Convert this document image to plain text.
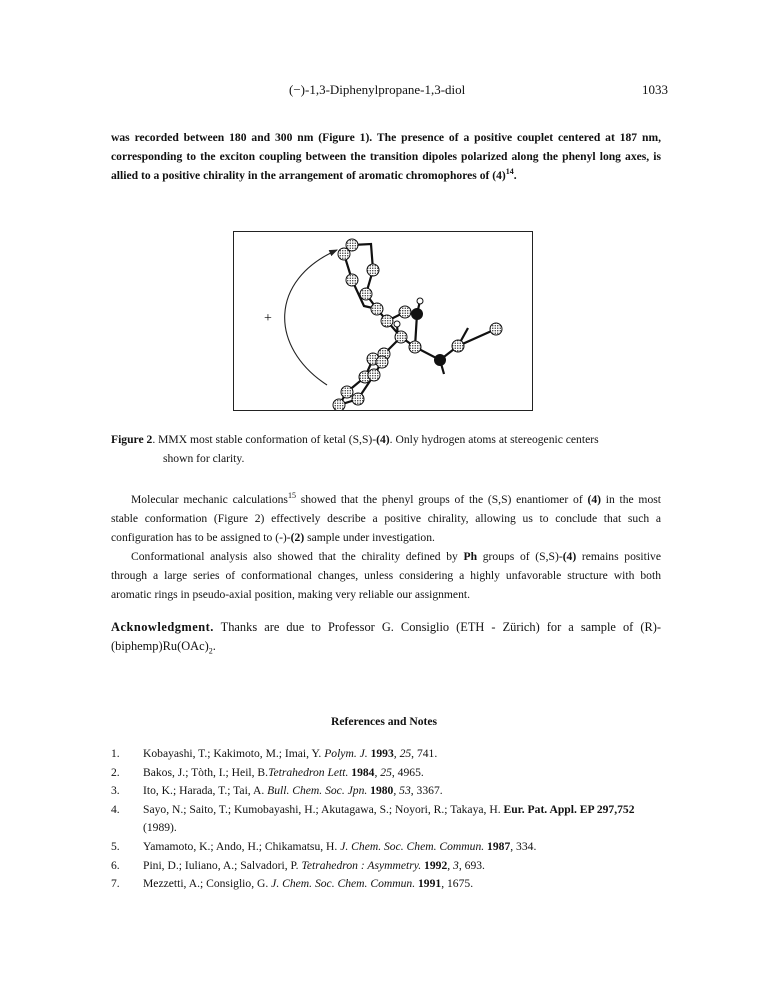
(−)-1,3-Diphenylpropane-1,3-diol	1033
was recorded between 180 and 300 nm (Figure 1). The presence of a positive couplet centered at 187 nm, corresponding to the exciton coupling between the transition dipoles polarized along the phenyl long axes, is allied to a positive chirality in the arrangement of aromatic chromophores of $(4)^{14}$.
+
Figure 2. MMX most stable conformation of ketal (S,S)-(4). Only hydrogen atoms at stereogenic centers
shown for clarity.
Molecular mechanic calculations$^{15}$ showed that the phenyl groups of the (S,S) enantiomer of (4) in the most stable conformation (Figure 2) effectively describe a positive chirality, allowing us to conclude that such a configuration has to be assigned to (-)-(2) sample under investigation.
Conformational analysis also showed that the chirality defined by Ph groups of (S,S)-(4) remains positive through a large series of conformational changes, unless considering a highly unfavorable structure with both aromatic rings in pseudo-axial position, making very reliable our assignment.
Acknowledgment. Thanks are due to Professor G. Consiglio (ETH - Zürich) for a sample of $(R)-(biphemp)Ru(OAc)_2$.
References and Notes
1. Kobayashi, T.; Kakimoto, M.; Imai, Y. Polym. J. 1993, 25, 741.
2. Bakos, J.; Tòth, I.; Heil, B.Tetrahedron Lett. 1984, 25, 4965.
3. Ito, K.; Harada, T.; Tai, A. Bull. Chem. Soc. Jpn. 1980, 53, 3367.
4. Sayo, N.; Saito, T.; Kumobayashi, H.; Akutagawa, S.; Noyori, R.; Takaya, H. Eur. Pat. Appl. EP 297,752 (1989).
5. Yamamoto, K.; Ando, H.; Chikamatsu, H. J. Chem. Soc. Chem. Commun. 1987, 334.
6. Pini, D.; Iuliano, A.; Salvadori, P. Tetrahedron : Asymmetry. 1992, 3, 693.
7. Mezzetti, A.; Consiglio, G. J. Chem. Soc. Chem. Commun. 1991, 1675.
